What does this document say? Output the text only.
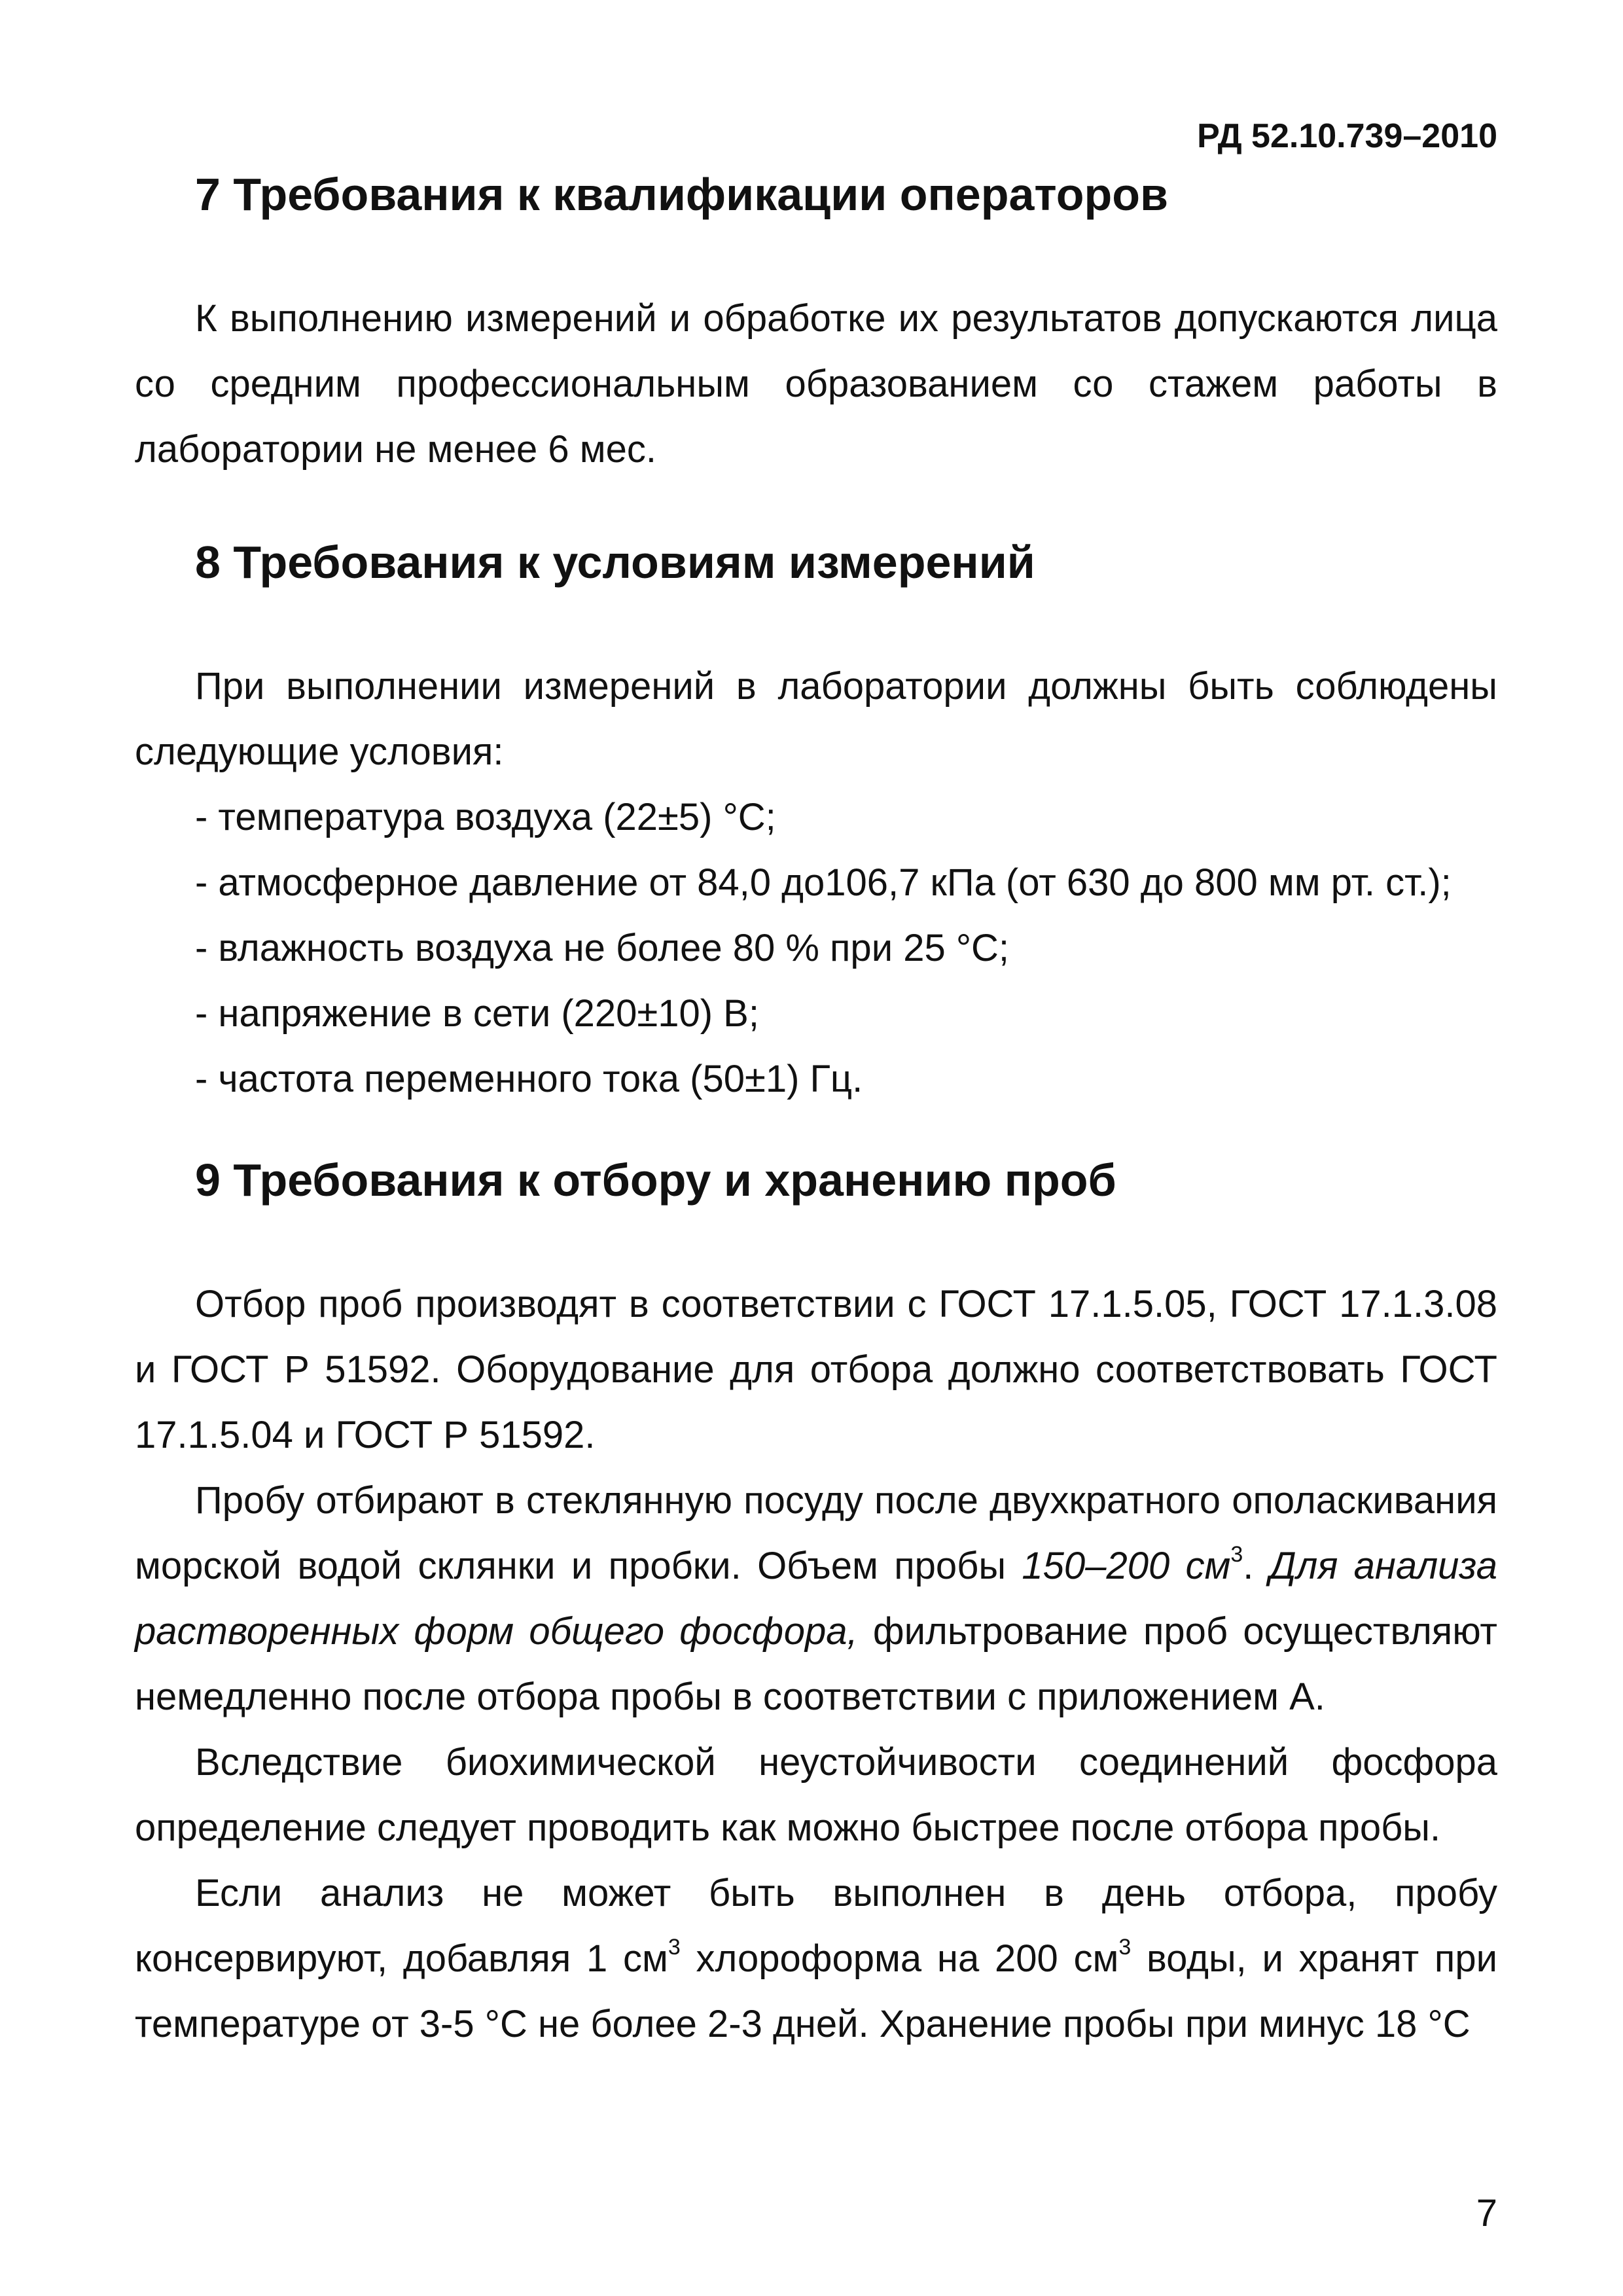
РД 52.10.739–2010
7 Требования к квалификации операторов

К выполнению измерений и обработке их результатов допускаются лица со средним профессиональным образованием со стажем работы в лаборатории не менее 6 мес.

8 Требования к условиям измерений

При выполнении измерений в лаборатории должны быть соблюдены следующие условия:

- температура воздуха (22±5) °С;

- атмосферное давление от 84,0 до106,7 кПа (от 630 до 800 мм рт. ст.);

- влажность воздуха не более 80 % при 25 °С;

- напряжение в сети (220±10) В;

- частота переменного тока (50±1) Гц.

9 Требования к отбору и хранению проб

Отбор проб производят в соответствии с ГОСТ 17.1.5.05, ГОСТ 17.1.3.08 и ГОСТ Р 51592. Оборудование для отбора должно соответствовать ГОСТ 17.1.5.04 и ГОСТ Р 51592.

Пробу отбирают в стеклянную посуду после двухкратного ополаскивания морской водой склянки и пробки. Объем пробы 150–200 $см^3$. Для анализа растворенных форм общего фосфора, фильтрование проб осуществляют немедленно после отбора пробы в соответствии с приложением А.

Вследствие биохимической неустойчивости соединений фосфора определение следует проводить как можно быстрее после отбора пробы.

Если анализ не может быть выполнен в день отбора, пробу консервируют, добавляя 1 $см^3$ хлороформа на 200 $см^3$ воды, и хранят при температуре от 3-5 °С не более 2-3 дней. Хранение пробы при минус 18 °С

7
